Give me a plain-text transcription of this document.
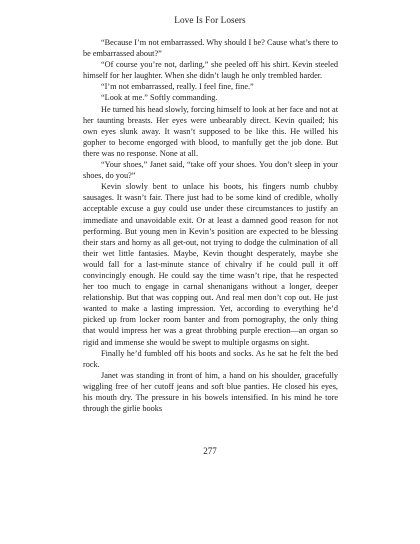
Love Is For Losers

“Because I’m not embarrassed. Why should I be? Cause what’s there to be embarrassed about?”

“Of course you’re not, darling,” she peeled off his shirt. Kevin steeled himself for her laughter. When she didn’t laugh he only trembled harder.

“I’m not embarrassed, really. I feel fine, fine.”

“Look at me.” Softly commanding.

He turned his head slowly, forcing himself to look at her face and not at her taunting breasts. Her eyes were unbearably direct. Kevin quailed; his own eyes slunk away. It wasn’t supposed to be like this. He willed his gopher to become engorged with blood, to manfully get the job done. But there was no response. None at all.

“Your shoes,” Janet said, “take off your shoes. You don’t sleep in your shoes, do you?”

Kevin slowly bent to unlace his boots, his fingers numb chubby sausages. It wasn’t fair. There just had to be some kind of credible, wholly acceptable excuse a guy could use under these circumstances to justify an immediate and unavoidable exit. Or at least a damned good reason for not performing. But young men in Kevin’s position are expected to be blessing their stars and horny as all get-out, not trying to dodge the culmination of all their wet little fantasies. Maybe, Kevin thought desperately, maybe she would fall for a last-minute stance of chivalry if he could pull it off convincingly enough. He could say the time wasn’t ripe, that he respected her too much to engage in carnal shenanigans without a longer, deeper relationship. But that was copping out. And real men don’t cop out. He just wanted to make a lasting impression. Yet, according to everything he’d picked up from locker room banter and from pornography, the only thing that would impress her was a great throbbing purple erection—an organ so rigid and immense she would be swept to multiple orgasms on sight.

Finally he’d fumbled off his boots and socks. As he sat he felt the bed rock.

Janet was standing in front of him, a hand on his shoulder, gracefully wiggling free of her cutoff jeans and soft blue panties. He closed his eyes, his mouth dry. The pressure in his bowels intensified. In his mind he tore through the girlie books

277
